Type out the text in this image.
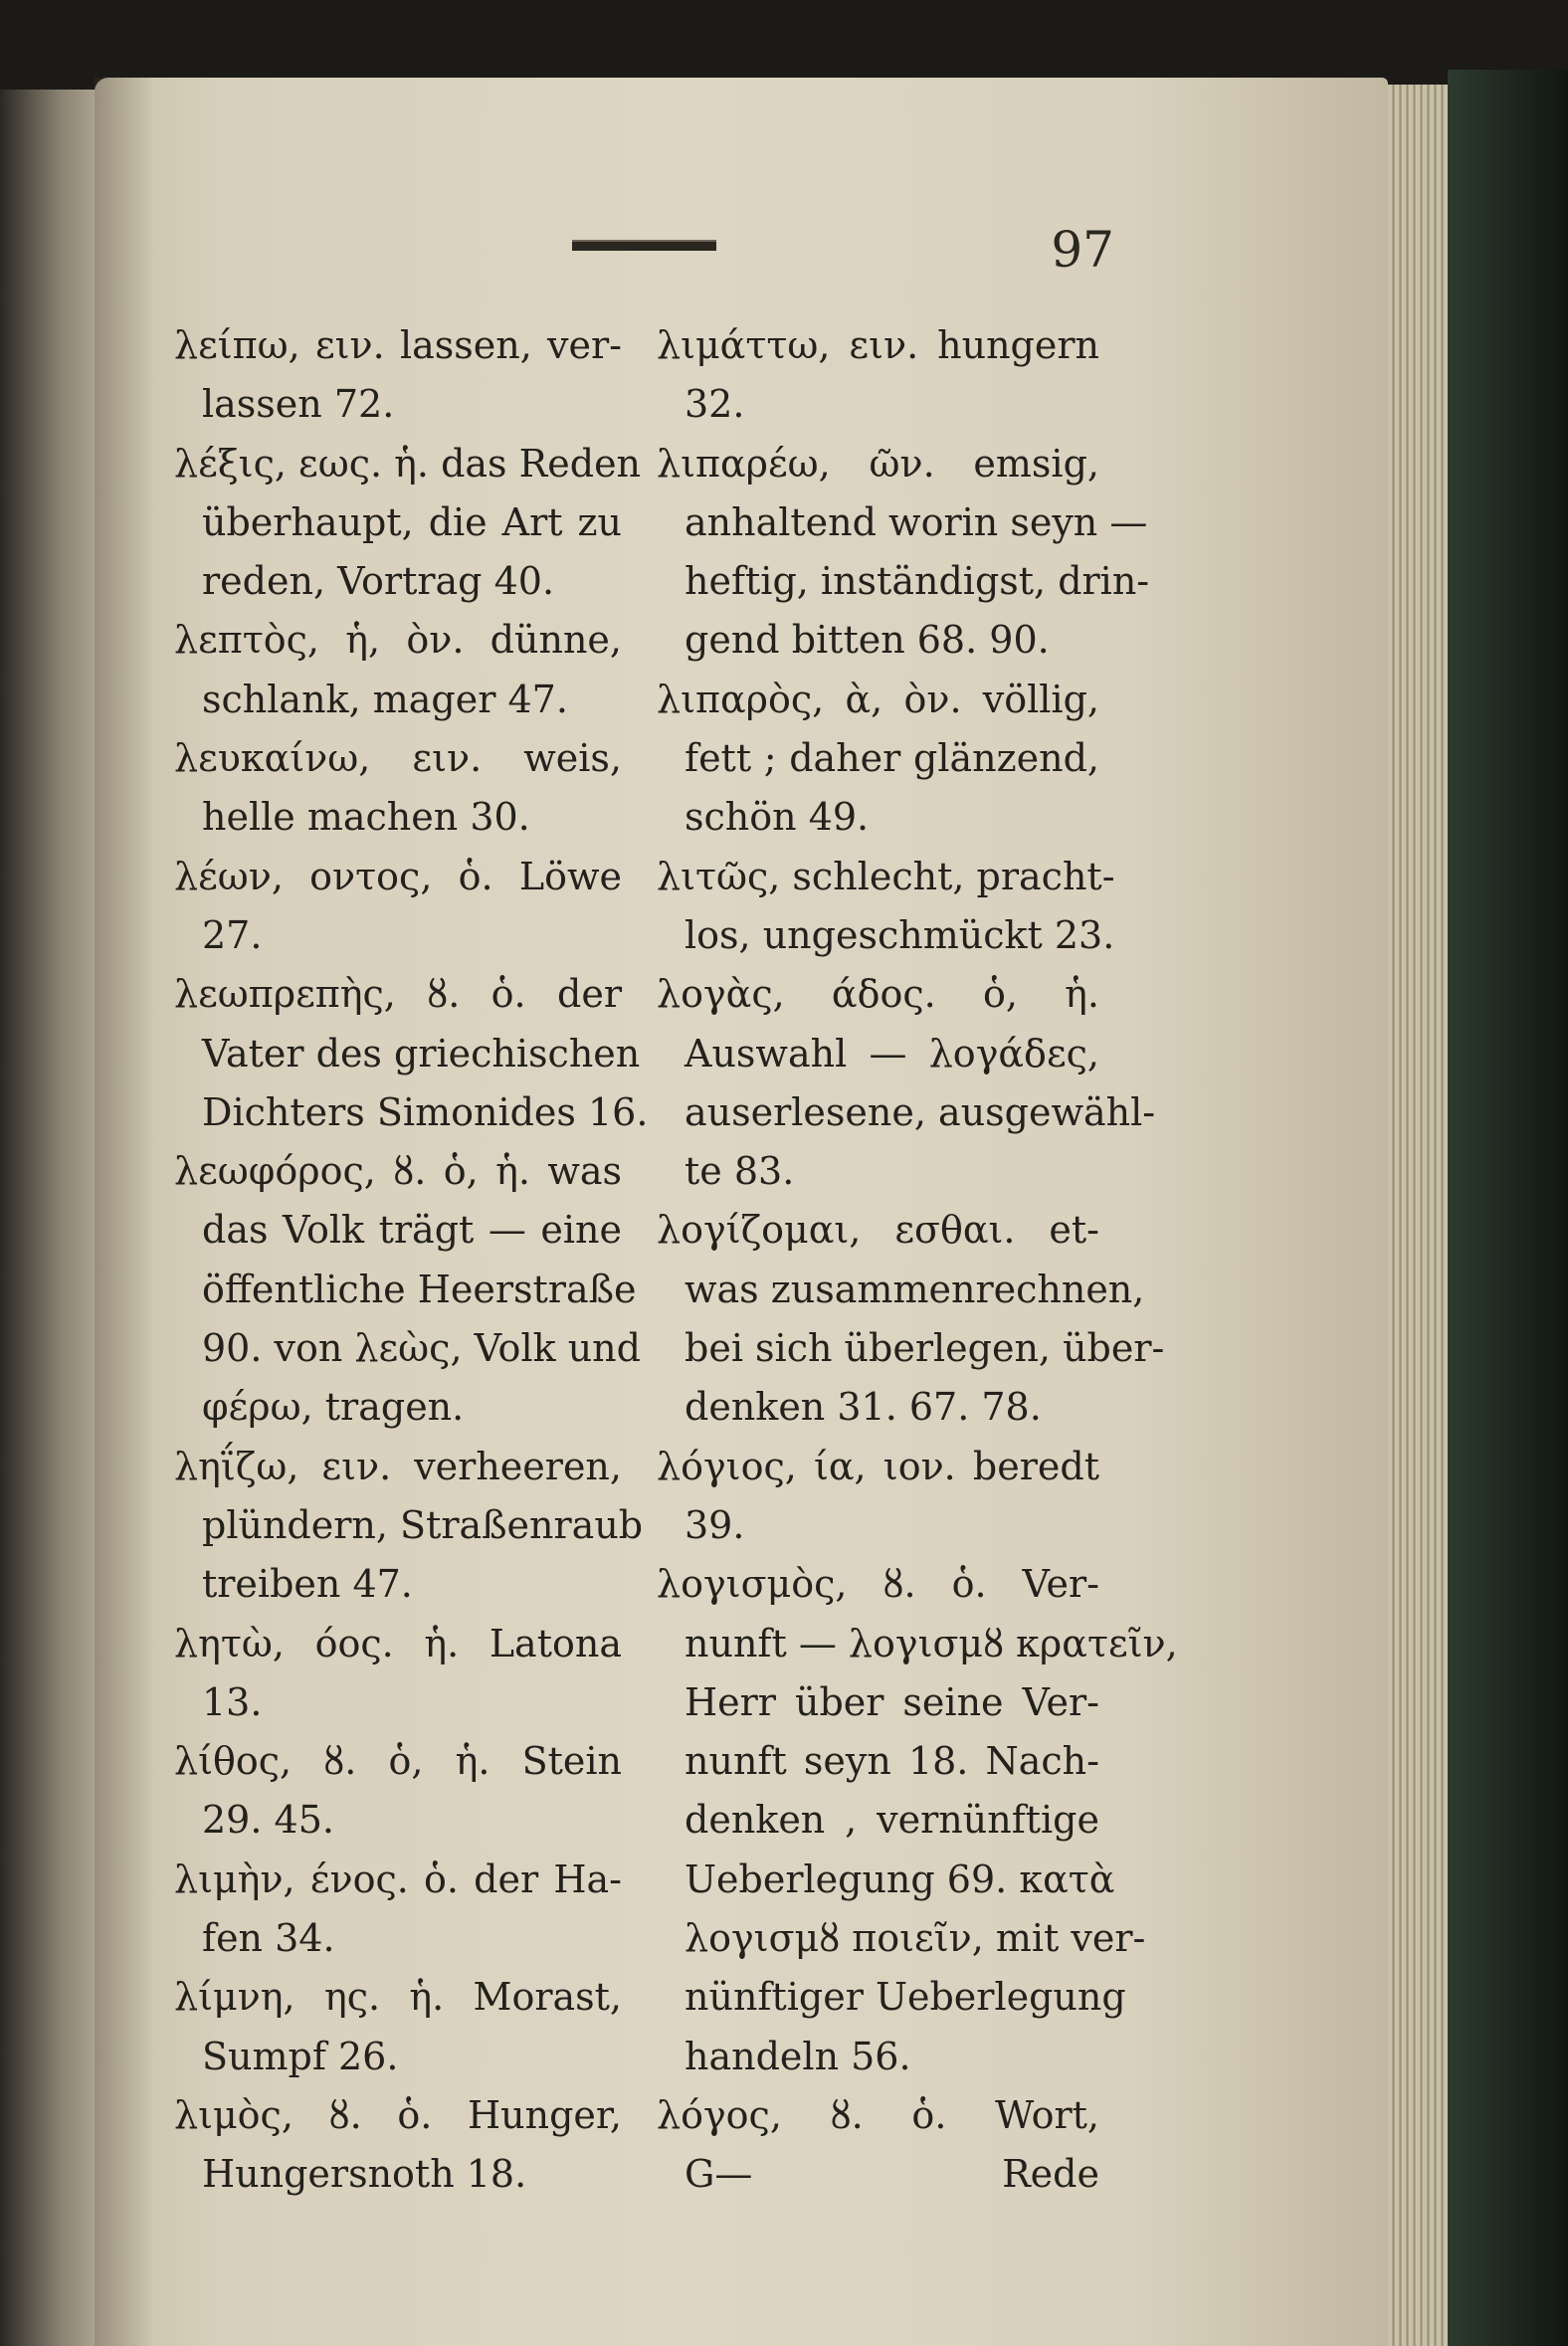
97
λείπω, ειν. lassen, ver-
lassen 72.
λέξις, εως. ἡ. das Reden
überhaupt, die Art zu
reden, Vortrag 40.
λεπτὸς, ἡ, ὸν. dünne,
schlank, mager 47.
λευκαίνω, ειν. weis,
helle machen 30.
λέων, οντος, ὁ. Löwe
27.
λεωπρεπὴς, ȣ. ὁ. der
Vater des griechischen
Dichters Simonides 16.
λεωφόρος, ȣ. ὁ, ἡ. was
das Volk trägt — eine
öffentliche Heerstraße
90. von λεὼς, Volk und
φέρω, tragen.
ληΐζω, ειν. verheeren,
plündern, Straßenraub
treiben 47.
λητὼ, όος. ἡ. Latona
13.
λίθος, ȣ. ὁ, ἡ. Stein
29. 45.
λιμὴν, ένος. ὁ. der Ha-
fen 34.
λίμνη, ης. ἡ. Morast,
Sumpf 26.
λιμὸς, ȣ. ὁ. Hunger,
Hungersnoth 18.
λιμάττω, ειν. hungern
32.
λιπαρέω, ῶν. emsig,
anhaltend worin seyn —
heftig, inständigst, drin-
gend bitten 68. 90.
λιπαρὸς, ὰ, ὸν. völlig,
fett ; daher glänzend,
schön 49.
λιτῶς, schlecht, pracht-
los, ungeschmückt 23.
λογὰς, άδος. ὁ, ἡ.
Auswahl — λογάδες,
auserlesene, ausgewähl-
te 83.
λογίζομαι, εσθαι. et-
was zusammenrechnen,
bei sich überlegen, über-
denken 31. 67. 78.
λόγιος, ία, ιον. beredt
39.
λογισμὸς, ȣ. ὁ. Ver-
nunft — λογισμȣ κρατεῖν,
Herr über seine Ver-
nunft seyn 18. Nach-
denken , vernünftige
Ueberlegung 69. κατὰ
λογισμȣ ποιεῖν, mit ver-
nünftiger Ueberlegung
handeln 56.
λόγος, ȣ. ὁ. Wort,
G— Rede
